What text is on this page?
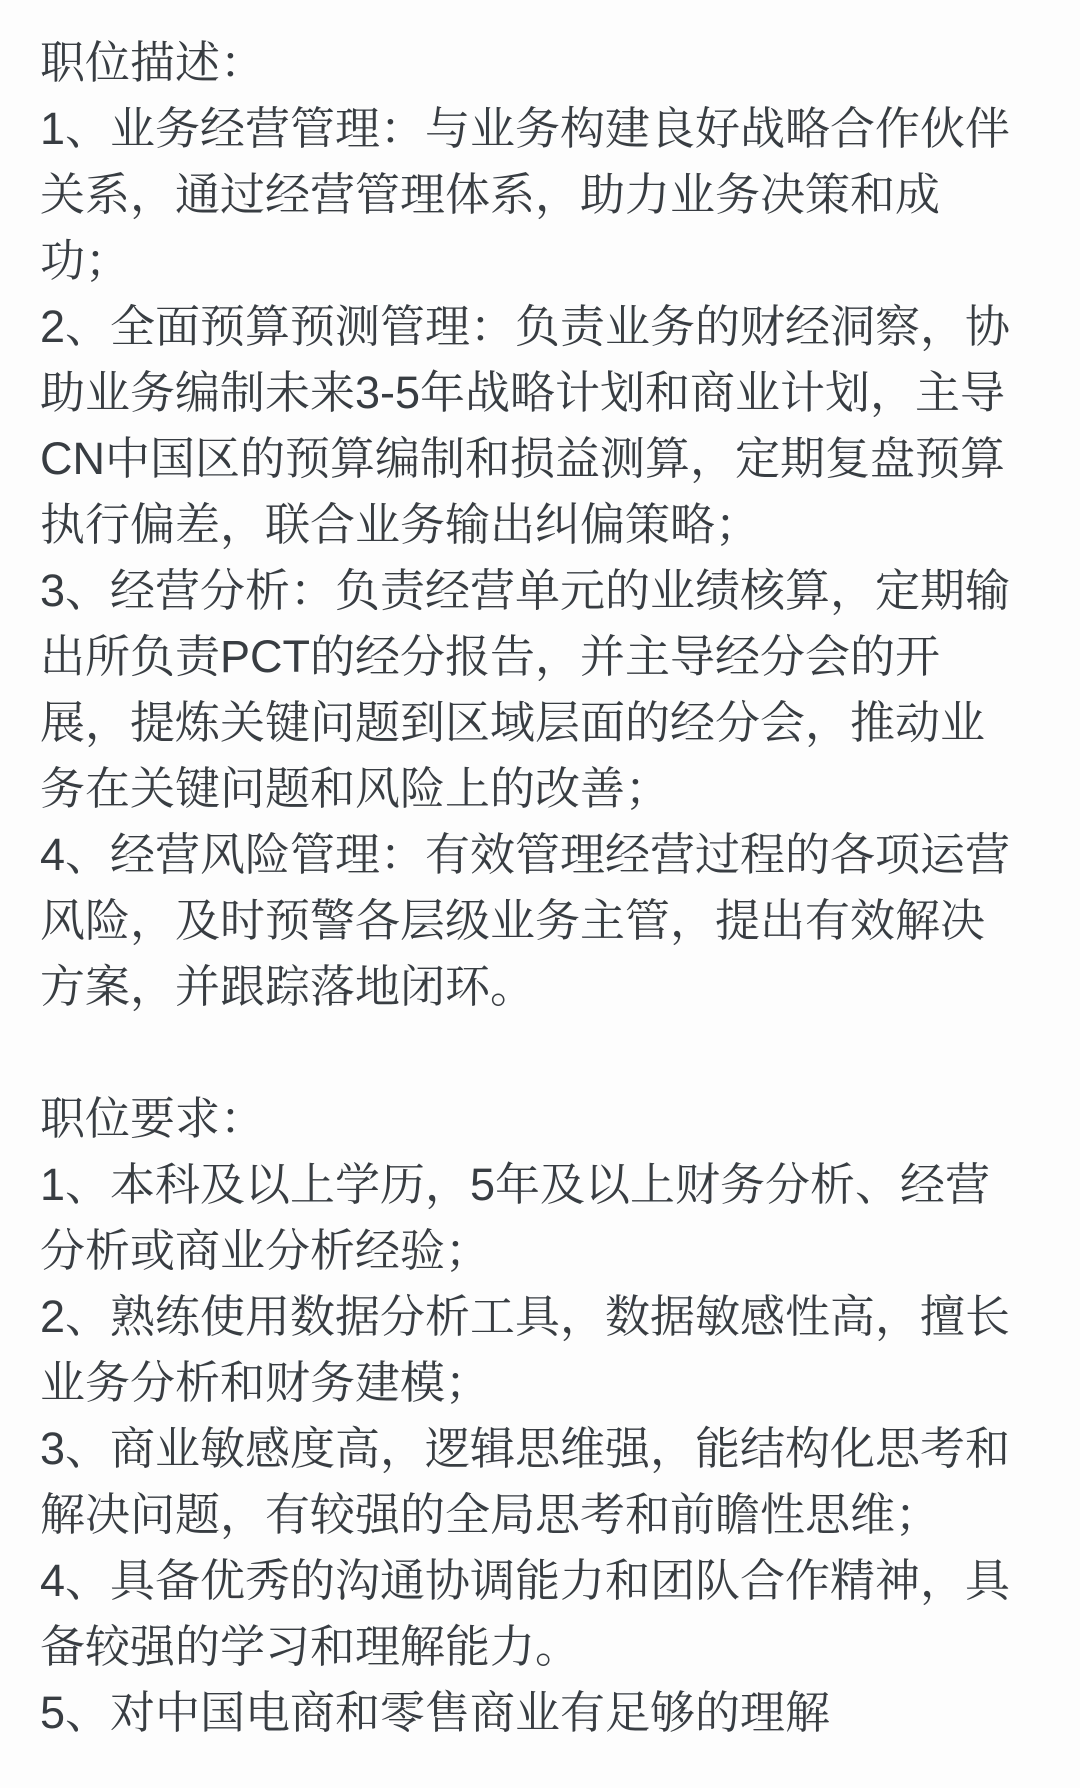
职位描述：
1、业务经营管理：与业务构建良好战略合作伙伴
关系，通过经营管理体系，助力业务决策和成
功；
2、全面预算预测管理：负责业务的财经洞察，协
助业务编制未来3-5年战略计划和商业计划，主导
CN中国区的预算编制和损益测算，定期复盘预算
执行偏差，联合业务输出纠偏策略；
3、经营分析：负责经营单元的业绩核算，定期输
出所负责PCT的经分报告，并主导经分会的开
展，提炼关键问题到区域层面的经分会，推动业
务在关键问题和风险上的改善；
4、经营风险管理：有效管理经营过程的各项运营
风险，及时预警各层级业务主管，提出有效解决
方案，并跟踪落地闭环。
职位要求：
1、本科及以上学历，5年及以上财务分析、经营
分析或商业分析经验；
2、熟练使用数据分析工具，数据敏感性高，擅长
业务分析和财务建模；
3、商业敏感度高，逻辑思维强，能结构化思考和
解决问题，有较强的全局思考和前瞻性思维；
4、具备优秀的沟通协调能力和团队合作精神，具
备较强的学习和理解能力。
5、对中国电商和零售商业有足够的理解
